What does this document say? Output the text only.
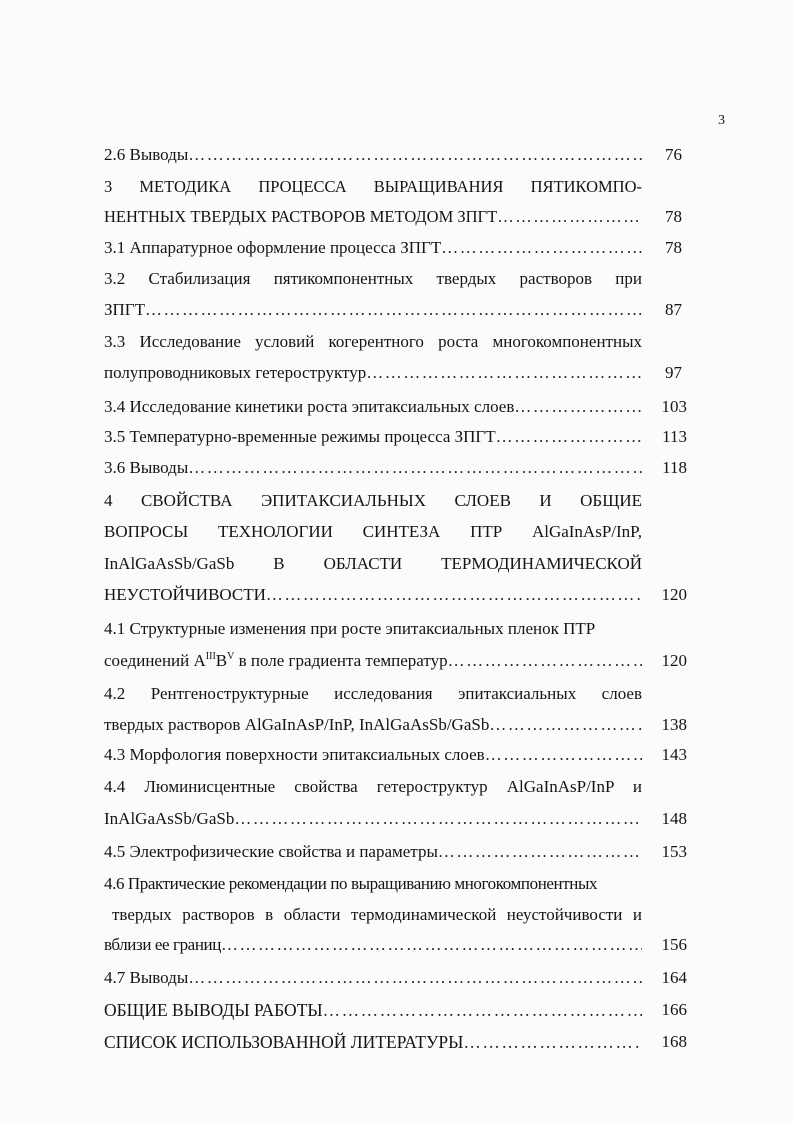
3
2.6 Выводы …………………………………………………………………………………………………………………………………………………………………………………………	76
3 МЕТОДИКА ПРОЦЕССА ВЫРАЩИВАНИЯ ПЯТИКОМПО-
НЕНТНЫХ ТВЕРДЫХ РАСТВОРОВ МЕТОДОМ ЗПГТ …………………………………………………………………………………………………………………………………………………………………………………………	78
3.1 Аппаратурное оформление процесса ЗПГТ …………………………………………………………………………………………………………………………………………………………………………………………	78
3.2 Стабилизация пятикомпонентных твердых растворов при
ЗПГТ …………………………………………………………………………………………………………………………………………………………………………………………	87
3.3 Исследование условий когерентного роста многокомпонентных
полупроводниковых гетероструктур …………………………………………………………………………………………………………………………………………………………………………………………	97
3.4 Исследование кинетики роста эпитаксиальных слоев …………………………………………………………………………………………………………………………………………………………………………………………	103
3.5 Температурно-временные режимы процесса ЗПГТ …………………………………………………………………………………………………………………………………………………………………………………………	113
3.6 Выводы …………………………………………………………………………………………………………………………………………………………………………………………	118
4 СВОЙСТВА ЭПИТАКСИАЛЬНЫХ СЛОЕВ И ОБЩИЕ
ВОПРОСЫ ТЕХНОЛОГИИ СИНТЕЗА ПТР AlGaInAsP/InP,
InAlGaAsSb/GaSb В ОБЛАСТИ ТЕРМОДИНАМИЧЕСКОЙ
НЕУСТОЙЧИВОСТИ …………………………………………………………………………………………………………………………………………………………………………………………	120
4.1 Структурные изменения при росте эпитаксиальных пленок ПТР
соединений $A^{III}B^V$ в поле градиента температур …………………………………………………………………………………………………………………………………………………………………………………………	120
4.2 Рентгеноструктурные исследования эпитаксиальных слоев
твердых растворов AlGaInAsP/InP, InAlGaAsSb/GaSb …………………………………………………………………………………………………………………………………………………………………………………………	138
4.3 Морфология поверхности эпитаксиальных слоев …………………………………………………………………………………………………………………………………………………………………………………………	143
4.4 Люминисцентные свойства гетероструктур AlGaInAsP/InP и
InAlGaAsSb/GaSb …………………………………………………………………………………………………………………………………………………………………………………………	148
4.5 Электрофизические свойства и параметры …………………………………………………………………………………………………………………………………………………………………………………………	153
4.6 Практические рекомендации по выращиванию многокомпонентных
твердых растворов в области термодинамической неустойчивости и
вблизи ее границ …………………………………………………………………………………………………………………………………………………………………………………………	156
4.7 Выводы …………………………………………………………………………………………………………………………………………………………………………………………	164
ОБЩИЕ ВЫВОДЫ РАБОТЫ …………………………………………………………………………………………………………………………………………………………………………………………	166
СПИСОК ИСПОЛЬЗОВАННОЙ ЛИТЕРАТУРЫ …………………………………………………………………………………………………………………………………………………………………………………………	168
